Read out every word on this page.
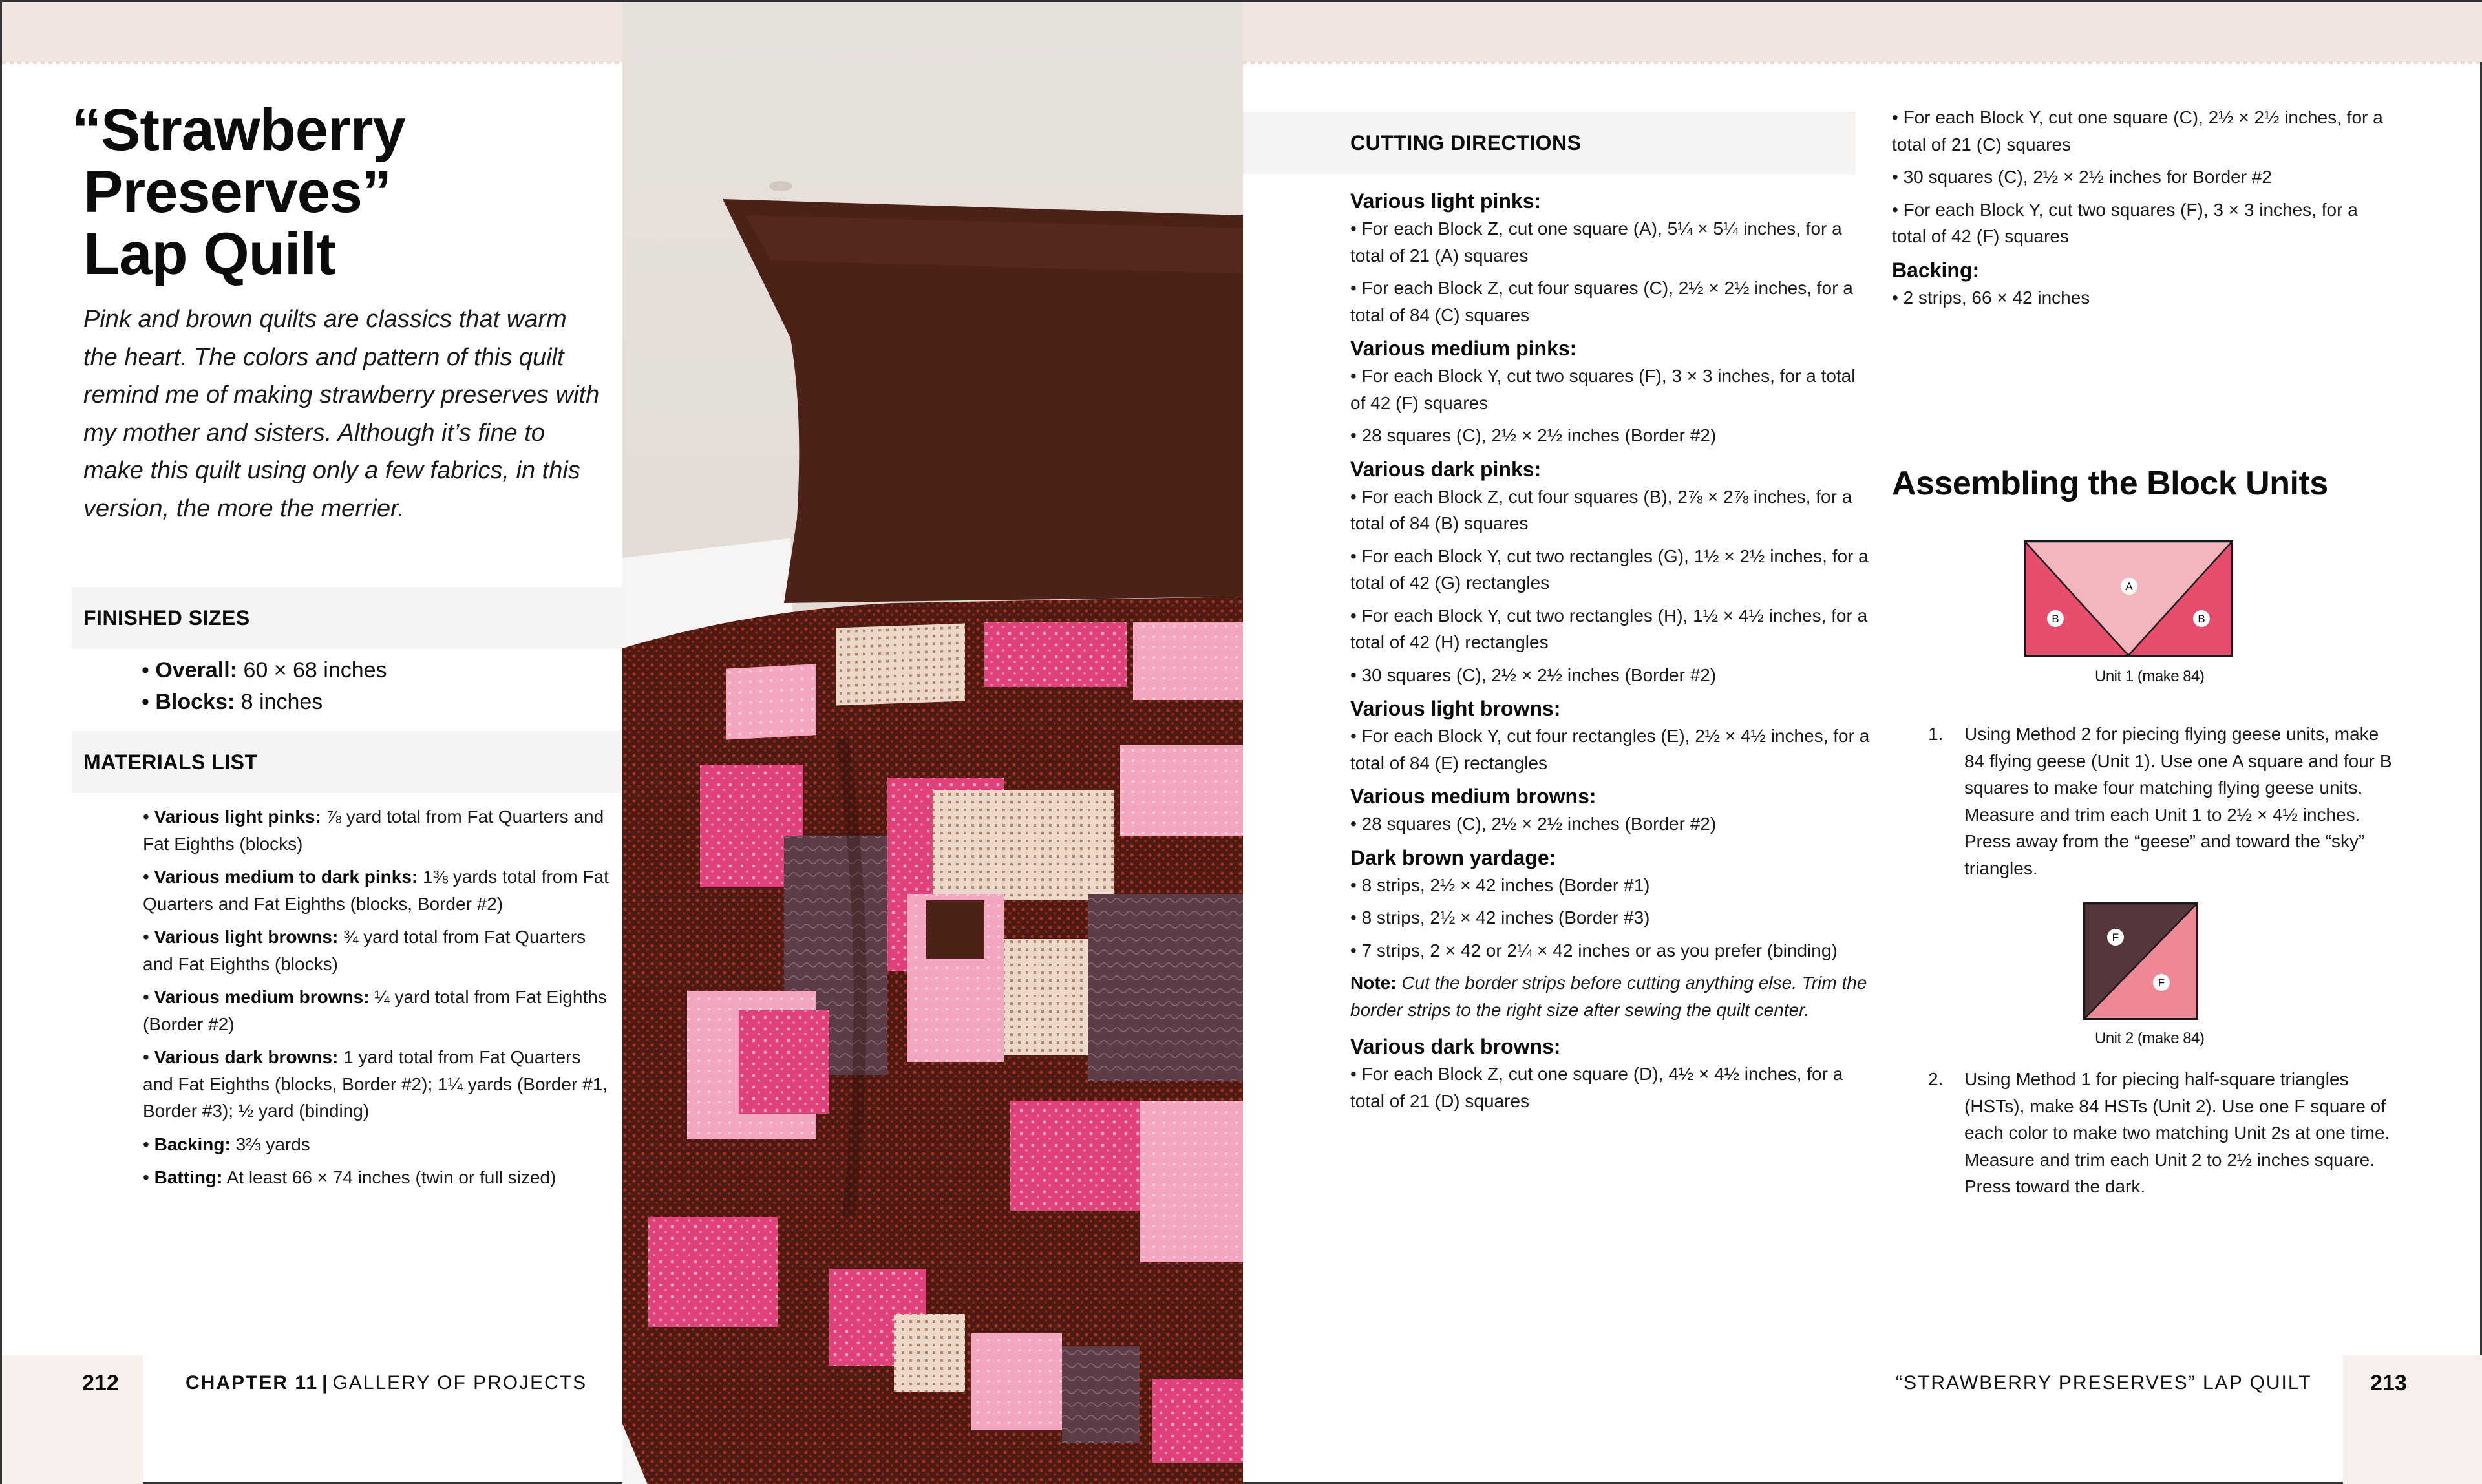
“Strawberry

Preserves”
Lap Quilt

Pink and brown quilts are classics that warm the heart. The colors and pattern of this quilt remind me of making strawberry preserves with my mother and sisters. Although it’s fine to make this quilt using only a few fabrics, in this version, the more the merrier.

FINISHED SIZES
• Overall: 60 × 68 inches
• Blocks: 8 inches
MATERIALS LIST
• Various light pinks: ⅞ yard total from Fat Quarters and Fat Eighths (blocks)
• Various medium to dark pinks: 1⅜ yards total from Fat Quarters and Fat Eighths (blocks, Border #2)
• Various light browns: ¾ yard total from Fat Quarters and Fat Eighths (blocks)
• Various medium browns: ¼ yard total from Fat Eighths (Border #2)
• Various dark browns: 1 yard total from Fat Quarters and Fat Eighths (blocks, Border #2); 1¼ yards (Border #1, Border #3); ½ yard (binding)
• Backing: 3⅔ yards
• Batting: At least 66 × 74 inches (twin or full sized)
CUTTING DIRECTIONS
Various light pinks:
• For each Block Z, cut one square (A), 5¼ × 5¼ inches, for a total of 21 (A) squares
• For each Block Z, cut four squares (C), 2½ × 2½ inches, for a total of 84 (C) squares
Various medium pinks:
• For each Block Y, cut two squares (F), 3 × 3 inches, for a total of 42 (F) squares
• 28 squares (C), 2½ × 2½ inches (Border #2)
Various dark pinks:
• For each Block Z, cut four squares (B), 2⅞ × 2⅞ inches, for a total of 84 (B) squares
• For each Block Y, cut two rectangles (G), 1½ × 2½ inches, for a total of 42 (G) rectangles
• For each Block Y, cut two rectangles (H), 1½ × 4½ inches, for a total of 42 (H) rectangles
• 30 squares (C), 2½ × 2½ inches (Border #2)
Various light browns:
• For each Block Y, cut four rectangles (E), 2½ × 4½ inches, for a total of 84 (E) rectangles
Various medium browns:
• 28 squares (C), 2½ × 2½ inches (Border #2)
Dark brown yardage:
• 8 strips, 2½ × 42 inches (Border #1)
• 8 strips, 2½ × 42 inches (Border #3)
• 7 strips, 2 × 42 or 2¼ × 42 inches or as you prefer (binding)
Note: Cut the border strips before cutting anything else. Trim the border strips to the right size after sewing the quilt center.
Various dark browns:
• For each Block Z, cut one square (D), 4½ × 4½ inches, for a total of 21 (D) squares
• For each Block Y, cut one square (C), 2½ × 2½ inches, for a total of 21 (C) squares
• 30 squares (C), 2½ × 2½ inches for Border #2
• For each Block Y, cut two squares (F), 3 × 3 inches, for a total of 42 (F) squares
Backing:
• 2 strips, 66 × 42 inches
Assembling the Block Units
A
B	B
Unit 1 (make 84)
1.	Using Method 2 for piecing flying geese units, make 84 flying geese (Unit 1). Use one A square and four B squares to make four matching flying geese units. Measure and trim each Unit 1 to 2½ × 4½ inches. Press away from the “geese” and toward the “sky” triangles.
F
F
Unit 2 (make 84)
2.	Using Method 1 for piecing half-square triangles (HSTs), make 84 HSTs (Unit 2). Use one F square of each color to make two matching Unit 2s at one time. Measure and trim each Unit 2 to 2½ inches square. Press toward the dark.
212	CHAPTER 11 | GALLERY OF PROJECTS	“STRAWBERRY PRESERVES” LAP QUILT	213
